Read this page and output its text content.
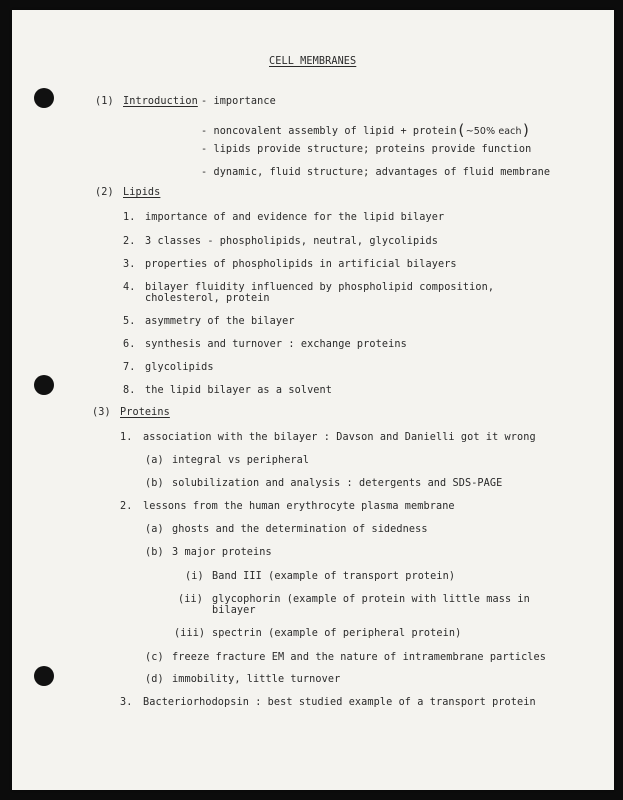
CELL MEMBRANES
(1) Introduction - importance
- noncovalent assembly of lipid + protein(~50% each)
- lipids provide structure; proteins provide function
- dynamic, fluid structure; advantages of fluid membrane
(2) Lipids
1. importance of and evidence for the lipid bilayer
2. 3 classes - phospholipids, neutral, glycolipids
3. properties of phospholipids in artificial bilayers
4. bilayer fluidity influenced by phospholipid composition,
cholesterol, protein
5. asymmetry of the bilayer
6. synthesis and turnover : exchange proteins
7. glycolipids
8. the lipid bilayer as a solvent
(3) Proteins
1. association with the bilayer : Davson and Danielli got it wrong
(a) integral vs peripheral
(b) solubilization and analysis : detergents and SDS-PAGE
2. lessons from the human erythrocyte plasma membrane
(a) ghosts and the determination of sidedness
(b) 3 major proteins
(i) Band III (example of transport protein)
(ii) glycophorin (example of protein with little mass in
bilayer
(iii) spectrin (example of peripheral protein)
(c) freeze fracture EM and the nature of intramembrane particles
(d) immobility, little turnover
3. Bacteriorhodopsin : best studied example of a transport protein
